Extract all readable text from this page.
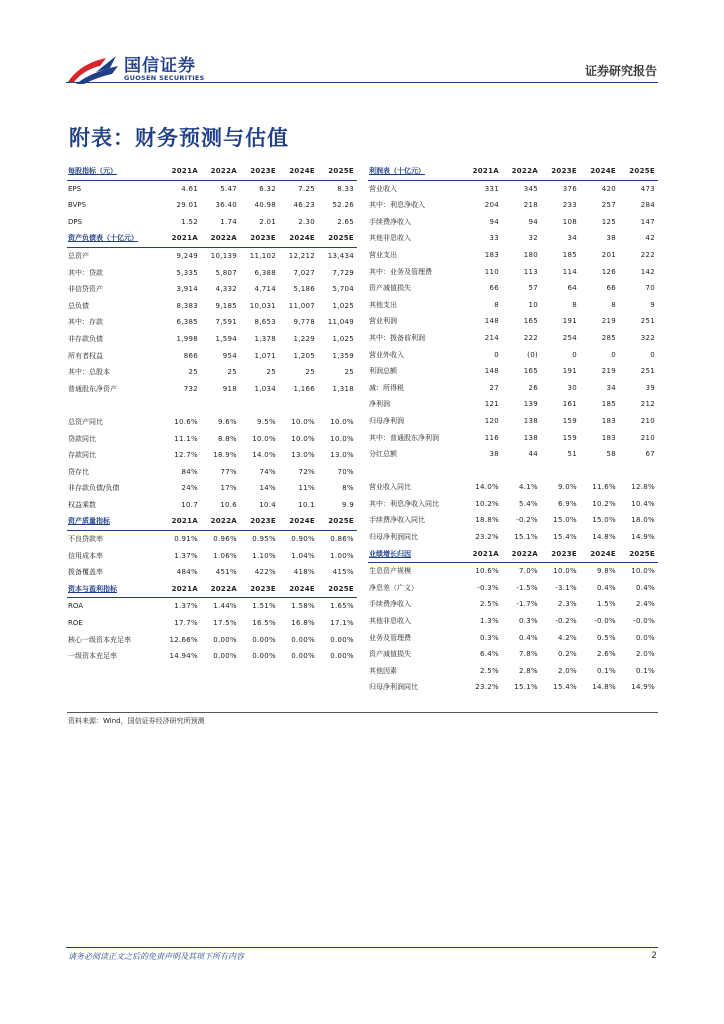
国信证券
GUOSEN SECURITIES	证券研究报告
附表：财务预测与估值
每股指标（元）	2021A	2022A	2023E	2024E	2025E
EPS	4.61	5.47	6.32	7.25	8.33
BVPS	29.01	36.40	40.98	46.23	52.26
DPS	1.52	1.74	2.01	2.30	2.65
资产负债表（十亿元）	2021A	2022A	2023E	2024E	2025E
总资产	9,249	10,139	11,102	12,212	13,434
其中：贷款	5,335	5,807	6,388	7,027	7,729
非信贷资产	3,914	4,332	4,714	5,186	5,704
总负债	8,383	9,185	10,031	11,007	1,025
其中：存款	6,385	7,591	8,653	9,778	11,049
非存款负债	1,998	1,594	1,378	1,229	1,025
所有者权益	866	954	1,071	1,205	1,359
其中：总股本	25	25	25	25	25
普通股东净资产	732	918	1,034	1,166	1,318

总资产同比	10.6%	9.6%	9.5%	10.0%	10.0%
贷款同比	11.1%	8.8%	10.0%	10.0%	10.0%
存款同比	12.7%	18.9%	14.0%	13.0%	13.0%
贷存比	84%	77%	74%	72%	70%
非存款负债/负债	24%	17%	14%	11%	8%
权益乘数	10.7	10.6	10.4	10.1	9.9
资产质量指标	2021A	2022A	2023E	2024E	2025E
不良贷款率	0.91%	0.96%	0.95%	0.90%	0.86%
信用成本率	1.37%	1.06%	1.10%	1.04%	1.00%
拨备覆盖率	484%	451%	422%	418%	415%
资本与盈利指标	2021A	2022A	2023E	2024E	2025E
ROA	1.37%	1.44%	1.51%	1.58%	1.65%
ROE	17.7%	17.5%	16.5%	16.8%	17.1%
核心一级资本充足率	12.66%	0.00%	0.00%	0.00%	0.00%
一级资本充足率	14.94%	0.00%	0.00%	0.00%	0.00%
利润表（十亿元）	2021A	2022A	2023E	2024E	2025E
营业收入	331	345	376	420	473
其中：利息净收入	204	218	233	257	284
手续费净收入	94	94	108	125	147
其他非息收入	33	32	34	38	42
营业支出	183	180	185	201	222
其中：业务及管理费	110	113	114	126	142
资产减值损失	66	57	64	66	70
其他支出	8	10	8	8	9
营业利润	148	165	191	219	251
其中：拨备前利润	214	222	254	285	322
营业外收入	0	(0)	0	0	0
利润总额	148	165	191	219	251
减：所得税	27	26	30	34	39
净利润	121	139	161	185	212
归母净利润	120	138	159	183	210
其中：普通股东净利润	116	138	159	183	210
分红总额	38	44	51	58	67

营业收入同比	14.0%	4.1%	9.0%	11.6%	12.8%
其中：利息净收入同比	10.2%	5.4%	6.9%	10.2%	10.4%
手续费净收入同比	18.8%	-0.2%	15.0%	15.0%	18.0%
归母净利润同比	23.2%	15.1%	15.4%	14.8%	14.9%
业绩增长归因	2021A	2022A	2023E	2024E	2025E
生息资产规模	10.6%	7.0%	10.0%	9.8%	10.0%
净息差（广义）	-0.3%	-1.5%	-3.1%	0.4%	0.4%
手续费净收入	2.5%	-1.7%	2.3%	1.5%	2.4%
其他非息收入	1.3%	0.3%	-0.2%	-0.0%	-0.0%
业务及管理费	0.3%	0.4%	4.2%	0.5%	0.0%
资产减值损失	6.4%	7.8%	0.2%	2.6%	2.0%
其他因素	2.5%	2.8%	2.0%	0.1%	0.1%
归母净利润同比	23.2%	15.1%	15.4%	14.8%	14.9%
资料来源：Wind，国信证券经济研究所预测
请务必阅读正文之后的免责声明及其项下所有内容	2
